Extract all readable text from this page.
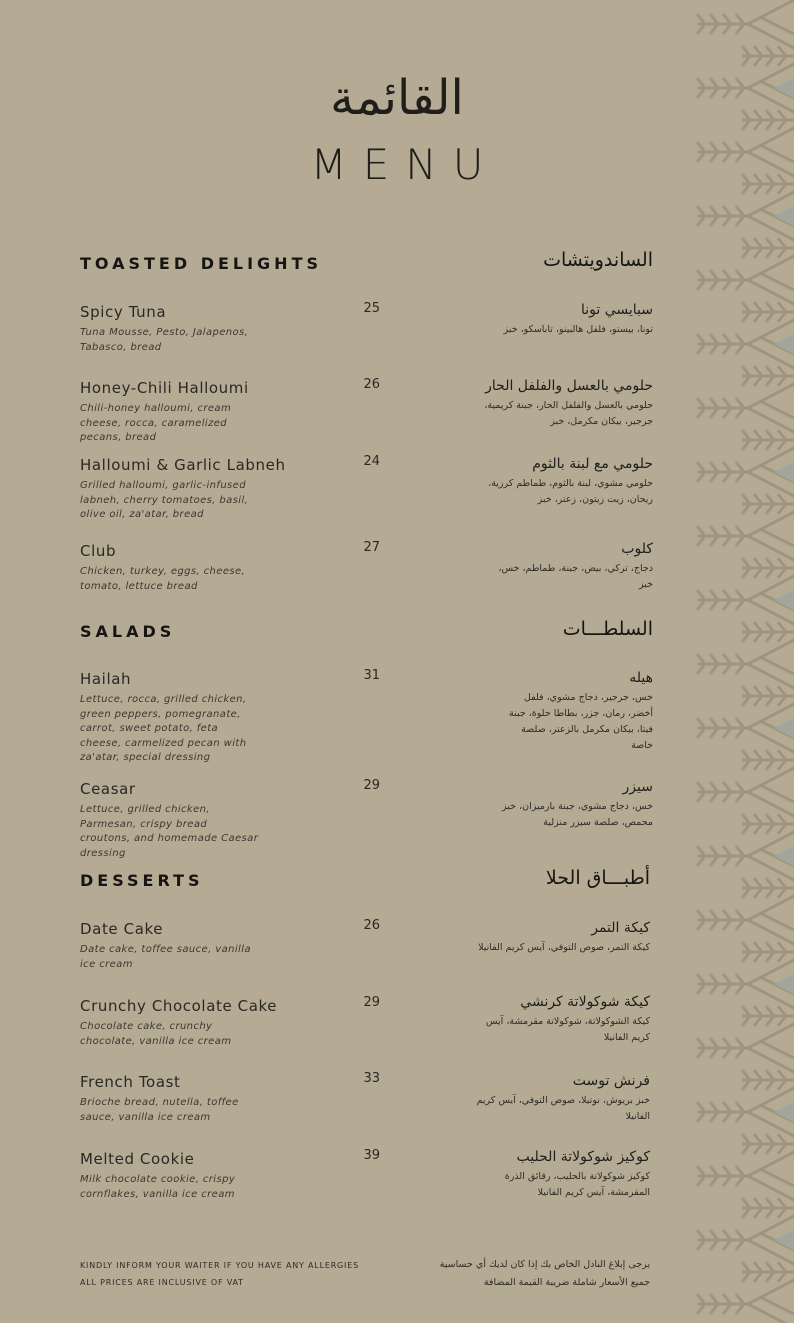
القائمة
MENU
TOASTED DELIGHTS	الساندويتشات
Spicy Tuna	25
Tuna Mousse, Pesto, Jalapenos, Tabasco, bread
سبايسي تونا
تونا، بيستو، فلفل هالبينو، تاباسكو، خبز
Honey-Chili Halloumi	26
Chili-honey halloumi, cream cheese, rocca, caramelized pecans, bread
حلومي بالعسل والفلفل الحار
حلومي بالعسل والفلفل الحار، جبنة كريمية، جرجير، بيكان مكرمل، خبز
Halloumi & Garlic Labneh	24
Grilled halloumi, garlic-infused labneh, cherry tomatoes, basil, olive oil, za'atar, bread
حلومي مع لبنة بالثوم
حلومي مشوي، لبنة بالثوم، طماطم كرزية، ريحان، زيت زيتون، زعتر، خبز
Club	27
Chicken, turkey, eggs, cheese, tomato, lettuce bread
كلوب
دجاج، تركي، بيض، جبنة، طماطم، خس، خبز
SALADS	السلطـــات
Hailah	31
Lettuce, rocca, grilled chicken, green peppers, pomegranate, carrot, sweet potato, feta cheese, carmelized pecan with za'atar, special dressing
هيله
خس، جرجير، دجاج مشوي، فلفل أخضر، رمان، جزر، بطاطا حلوة، جبنة فيتا، بيكان مكرمل بالزعتر، صلصة خاصة
Ceasar	29
Lettuce, grilled chicken, Parmesan, crispy bread croutons, and homemade Caesar dressing
سيزر
خس، دجاج مشوي، جبنة بارميزان، خبز محمص، صلصة سيزر منزلية
DESSERTS	أطبـــاق الحلا
Date Cake	26
Date cake, toffee sauce, vanilla ice cream
كيكة التمر
كيكة التمر، صوص التوفي، آيس كريم الفانيلا
Crunchy Chocolate Cake	29
Chocolate cake, crunchy chocolate, vanilla ice cream
كيكة شوكولاتة كرنشي
كيكة الشوكولاتة، شوكولاتة مقرمشة، آيس كريم الفانيلا
French Toast	33
Brioche bread, nutella, toffee sauce, vanilla ice cream
فرنش توست
خبز بريوش، نوتيلا، صوص التوفي، آيس كريم الفانيلا
Melted Cookie	39
Milk chocolate cookie, crispy cornflakes, vanilla ice cream
كوكيز شوكولاتة الحليب
كوكيز شوكولاتة بالحليب، رقائق الذرة المقرمشة، آيس كريم الفانيلا
KINDLY INFORM YOUR WAITER IF YOU HAVE ANY ALLERGIES
ALL PRICES ARE INCLUSIVE OF VAT
يرجى إبلاغ النادل الخاص بك إذا كان لديك أي حساسية
جميع الأسعار شاملة ضريبة القيمة المضافة
